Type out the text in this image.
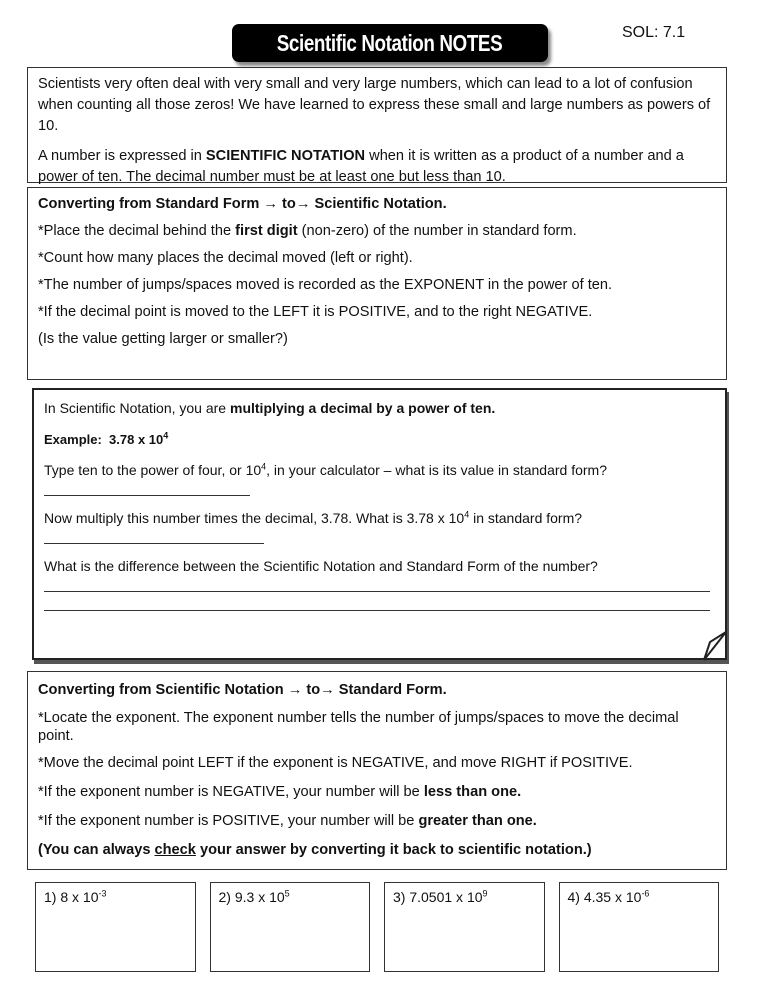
Scientific Notation NOTES	SOL: 7.1

Scientists very often deal with very small and very large numbers, which can lead to a lot of confusion when counting all those zeros! We have learned to express these small and large numbers as powers of 10.

A number is expressed in SCIENTIFIC NOTATION when it is written as a product of a number and a power of ten. The decimal number must be at least one but less than 10.

Converting from Standard Form → to→ Scientific Notation.

*Place the decimal behind the first digit (non-zero) of the number in standard form.

*Count how many places the decimal moved (left or right).

*The number of jumps/spaces moved is recorded as the EXPONENT in the power of ten.

*If the decimal point is moved to the LEFT it is POSITIVE, and to the right NEGATIVE.

(Is the value getting larger or smaller?)

In Scientific Notation, you are multiplying a decimal by a power of ten.

Example: 3.78 x $10^4$

Type ten to the power of four, or $10^4$, in your calculator – what is its value in standard form?

Now multiply this number times the decimal, 3.78. What is 3.78 x $10^4$ in standard form?

What is the difference between the Scientific Notation and Standard Form of the number?

Converting from Scientific Notation → to→ Standard Form.

*Locate the exponent. The exponent number tells the number of jumps/spaces to move the decimal point.

*Move the decimal point LEFT if the exponent is NEGATIVE, and move RIGHT if POSITIVE.

*If the exponent number is NEGATIVE, your number will be less than one.

*If the exponent number is POSITIVE, your number will be greater than one.

(You can always check your answer by converting it back to scientific notation.)

1) 8 x $10^{-3}$		2) 9.3 x $10^5$		3) 7.0501 x $10^9$		4) 4.35 x $10^{-6}$
